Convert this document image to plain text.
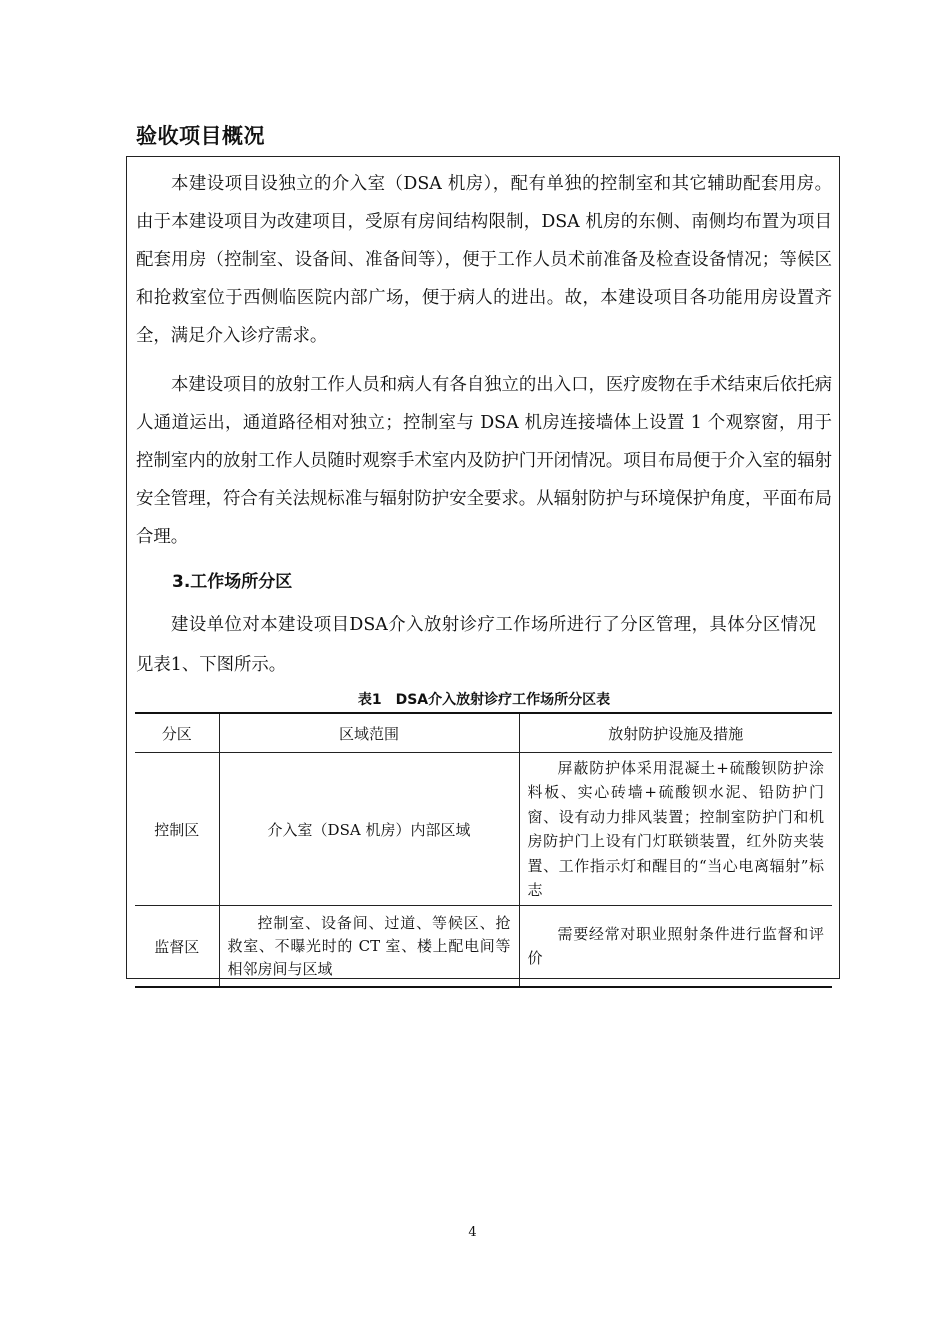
验收项目概况

本建设项目设独立的介入室（DSA 机房），配有单独的控制室和其它辅助配套用房。由于本建设项目为改建项目，受原有房间结构限制，DSA 机房的东侧、南侧均布置为项目配套用房（控制室、设备间、准备间等），便于工作人员术前准备及检查设备情况；等候区和抢救室位于西侧临医院内部广场，便于病人的进出。故，本建设项目各功能用房设置齐全，满足介入诊疗需求。

本建设项目的放射工作人员和病人有各自独立的出入口，医疗废物在手术结束后依托病人通道运出，通道路径相对独立；控制室与 DSA 机房连接墙体上设置 1 个观察窗，用于控制室内的放射工作人员随时观察手术室内及防护门开闭情况。项目布局便于介入室的辐射安全管理，符合有关法规标准与辐射防护安全要求。从辐射防护与环境保护角度，平面布局合理。

3.工作场所分区

建设单位对本建设项目DSA介入放射诊疗工作场所进行了分区管理，具体分区情况见表1、下图所示。

表1　DSA介入放射诊疗工作场所分区表
分区	区域范围	放射防护设施及措施
控制区	介入室（DSA 机房）内部区域	屏蔽防护体采用混凝土+硫酸钡防护涂料板、实心砖墙+硫酸钡水泥、铅防护门窗、设有动力排风装置；控制室防护门和机房防护门上设有门灯联锁装置，红外防夹装置、工作指示灯和醒目的“当心电离辐射”标志
监督区	控制室、设备间、过道、等候区、抢救室、不曝光时的 CT 室、楼上配电间等相邻房间与区域	需要经常对职业照射条件进行监督和评价
4
